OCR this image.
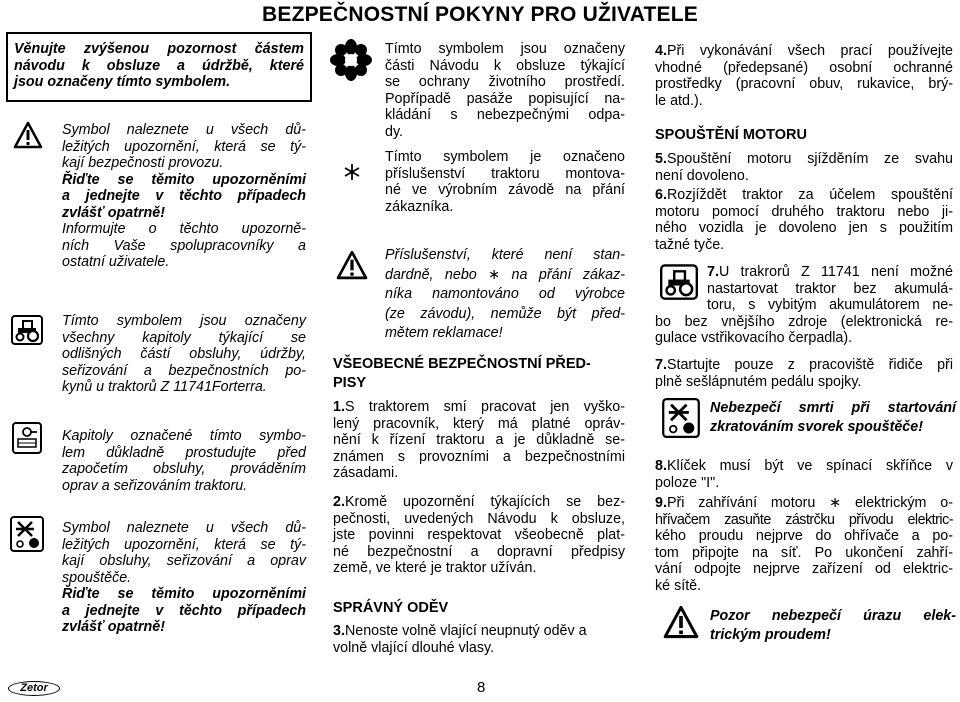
BEZPEČNOSTNÍ POKYNY PRO UŽIVATELE
Věnujte zvýšenou pozornost částem
návodu k obsluze a údržbě, které
jsou označeny tímto symbolem.
Symbol naleznete u všech dů-
ležitých upozornění, která se tý-
kají bezpečnosti provozu.
Řiďte se těmito upozorněními
a jednejte v těchto případech
zvlášť opatrně!
Informujte o těchto upozorně-
ních Vaše spolupracovníky a
ostatní uživatele.
Tímto symbolem jsou označeny
všechny kapitoly týkající se
odlišných částí obsluhy, údržby,
seřizování a bezpečnostních po-
kynů u traktorů Z 11741Forterra.
Kapitoly označené tímto symbo-
lem důkladně prostudujte před
započetím obsluhy, prováděním
oprav a seřizováním traktoru.
Symbol naleznete u všech dů-
ležitých upozornění, která se tý-
kají obsluhy, seřizování a oprav
spouštěče.
Řiďte se těmito upozorněními
a jednejte v těchto případech
zvlášť opatrně!
Tímto symbolem jsou označeny
části Návodu k obsluze týkající
se ochrany životního prostředí.
Popřípadě pasáže popisující na-
kládání s nebezpečnými odpa-
dy.
Tímto symbolem je označeno
příslušenství traktoru montova-
né ve výrobním závodě na přání
zákazníka.
Příslušenství, které není stan-
dardně, nebo ∗ na přání zákaz-
níka namontováno od výrobce
(ze závodu), nemůže být před-
mětem reklamace!
VŠEOBECNÉ BEZPEČNOSTNÍ PŘED-
PISY
1.S traktorem smí pracovat jen vyško-
lený pracovník, který má platné opráv-
nění k řízení traktoru a je důkladně se-
známen s provozními a bezpečnostními
zásadami.
2.Kromě upozornění týkajících se bez-
pečnosti, uvedených Návodu k obsluze,
jste povinni respektovat všeobecně plat-
né bezpečnostní a dopravní předpisy
země, ve které je traktor užíván.
SPRÁVNÝ ODĚV
3.Nenoste volně vlající neupnutý oděv a
volně vlající dlouhé vlasy.
8
4.Při vykonávání všech prací používejte
vhodné (předepsané) osobní ochranné
prostředky (pracovní obuv, rukavice, brý-
le atd.).
SPOUŠTĚNÍ MOTORU
5.Spouštění motoru sjížděním ze svahu
není dovoleno.
6.Rozjíždět traktor za účelem spouštění
motoru pomocí druhého traktoru nebo ji-
ného vozidla je dovoleno jen s použitím
tažné tyče.
7.U trakrorů Z 11741 není možné
nastartovat traktor bez akumulá-
toru, s vybitým akumulátorem ne-
bo bez vnějšího zdroje (elektronická re-
gulace vstřikovacího čerpadla).
7.Startujte pouze z pracoviště řidiče při
plně sešlápnutém pedálu spojky.
Nebezpečí smrti při startování
zkratováním svorek spouštěče!
8.Klíček musí být ve spínací skříňce v
poloze "I".
9.Při zahřívání motoru ∗ elektrickým o-
hřívačem zasuňte zástrčku přívodu elektric-
kého proudu nejprve do ohřívače a po-
tom připojte na síť. Po ukončení zahří-
vání odpojte nejprve zařízení od elektric-
ké sítě.
Pozor nebezpečí úrazu elek-
trickým proudem!
Zetor
